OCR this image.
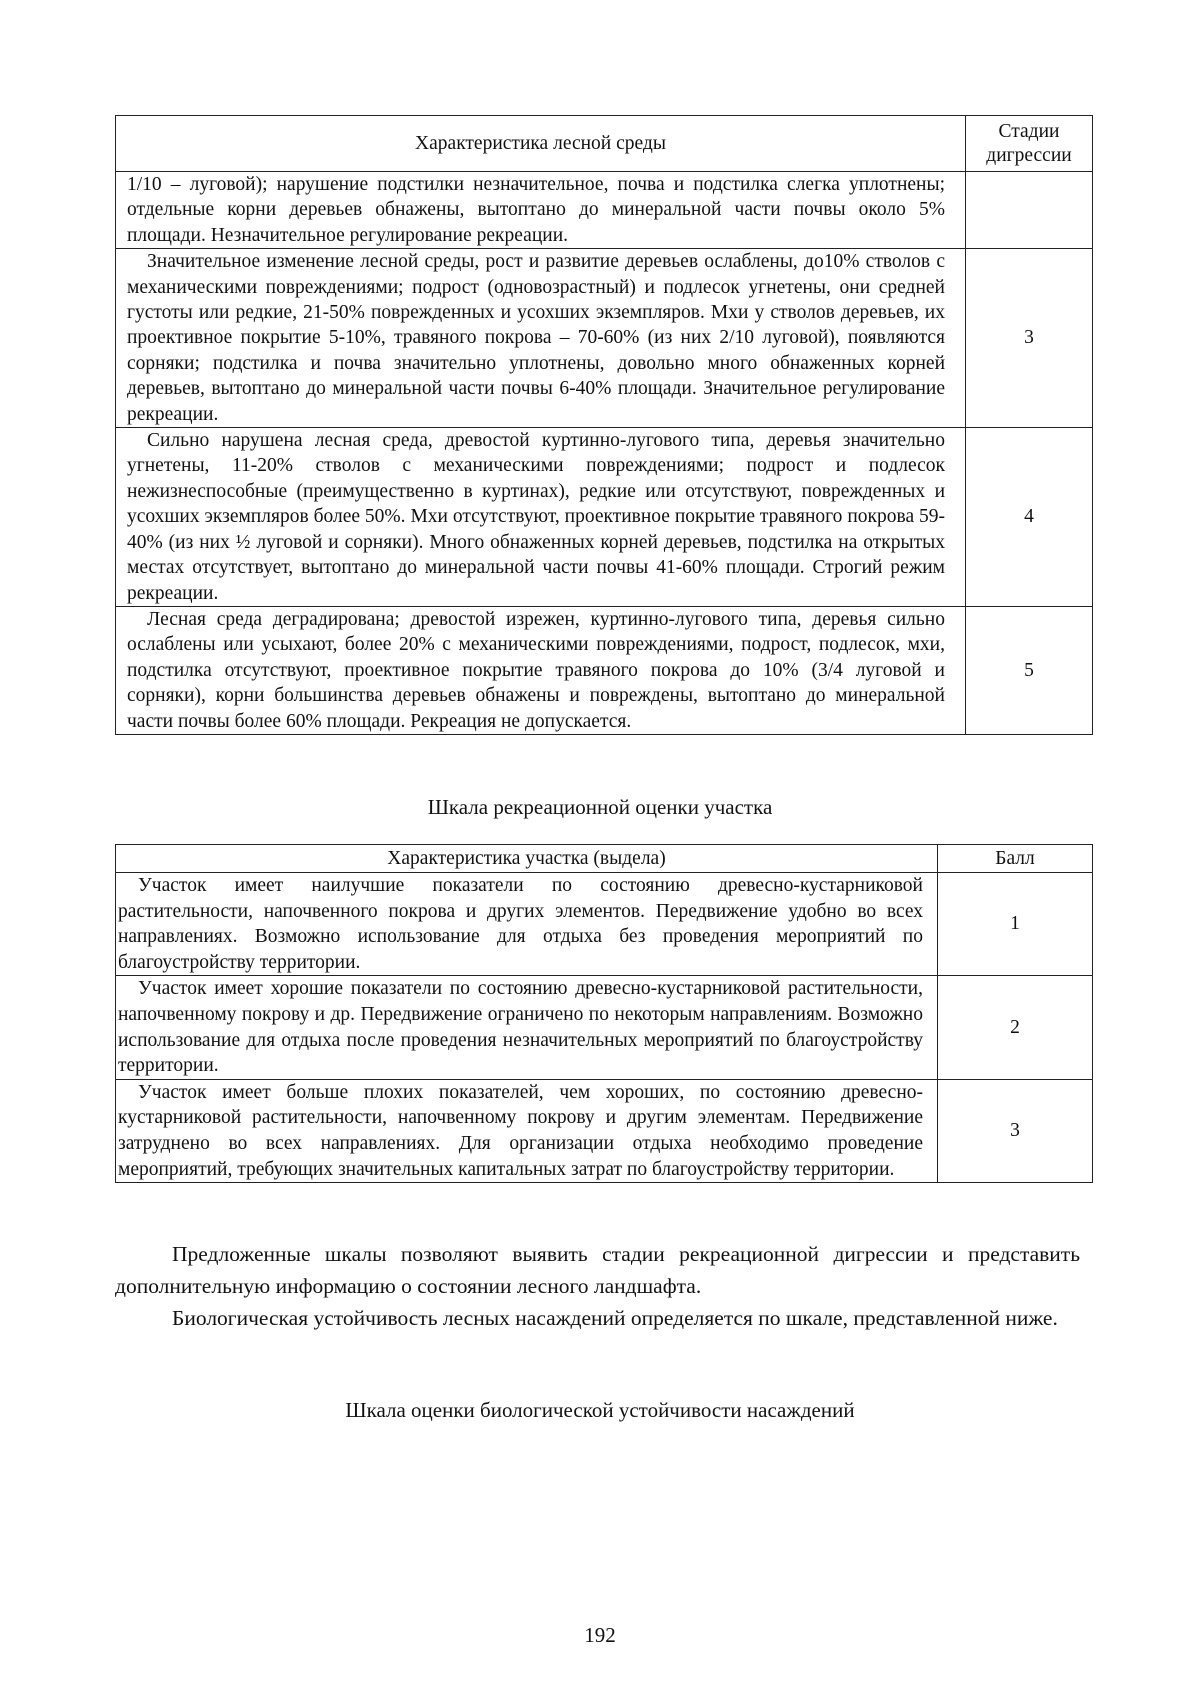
Характеристика лесной среды	Стадии
дигрессии
1/10 – луговой); нарушение подстилки незначительное, почва и подстилка слегка уплотнены; отдельные корни деревьев обнажены, вытоптано до минеральной части почвы около 5% площади. Незначительное регулирование рекреации.	
Значительное изменение лесной среды, рост и развитие деревьев ослаблены, до10% стволов с механическими повреждениями; подрост (одновозрастный) и подлесок угнетены, они средней густоты или редкие, 21-50% поврежденных и усохших экземпляров. Мхи у стволов деревьев, их проективное покрытие 5-10%, травяного покрова – 70-60% (из них 2/10 луговой), появляются сорняки; подстилка и почва значительно уплотнены, довольно много обнаженных корней деревьев, вытоптано до минеральной части почвы 6-40% площади. Значительное регулирование рекреации.	3
Сильно нарушена лесная среда, древостой куртинно-лугового типа, деревья значительно угнетены, 11-20% стволов с механическими повреждениями; подрост и подлесок нежизнеспособные (преимущественно в куртинах), редкие или отсутствуют, поврежденных и усохших экземпляров более 50%. Мхи отсутствуют, проективное покрытие травяного покрова 59-40% (из них ½ луговой и сорняки). Много обнаженных корней деревьев, подстилка на открытых местах отсутствует, вытоптано до минеральной части почвы 41-60% площади. Строгий режим рекреации.	4
Лесная среда деградирована; древостой изрежен, куртинно-лугового типа, деревья сильно ослаблены или усыхают, более 20% с механическими повреждениями, подрост, подлесок, мхи, подстилка отсутствуют, проективное покрытие травяного покрова до 10% (3/4 луговой и сорняки), корни большинства деревьев обнажены и повреждены, вытоптано до минеральной части почвы более 60% площади. Рекреация не допускается.	5
Шкала рекреационной оценки участка
Характеристика участка (выдела)	Балл
Участок имеет наилучшие показатели по состоянию древесно-кустарниковой растительности, напочвенного покрова и других элементов. Передвижение удобно во всех направлениях. Возможно использование для отдыха без проведения мероприятий по благоустройству территории.	1
Участок имеет хорошие показатели по состоянию древесно-кустарниковой растительности, напочвенному покрову и др. Передвижение ограничено по некоторым направлениям. Возможно использование для отдыха после проведения незначительных мероприятий по благоустройству территории.	2
Участок имеет больше плохих показателей, чем хороших, по состоянию древесно-кустарниковой растительности, напочвенному покрову и другим элементам. Передвижение затруднено во всех направлениях. Для организации отдыха необходимо проведение мероприятий, требующих значительных капитальных затрат по благоустройству территории.	3

Предложенные шкалы позволяют выявить стадии рекреационной дигрессии и представить дополнительную информацию о состоянии лесного ландшафта.

Биологическая устойчивость лесных насаждений определяется по шкале, представленной ниже.

Шкала оценки биологической устойчивости насаждений
192
